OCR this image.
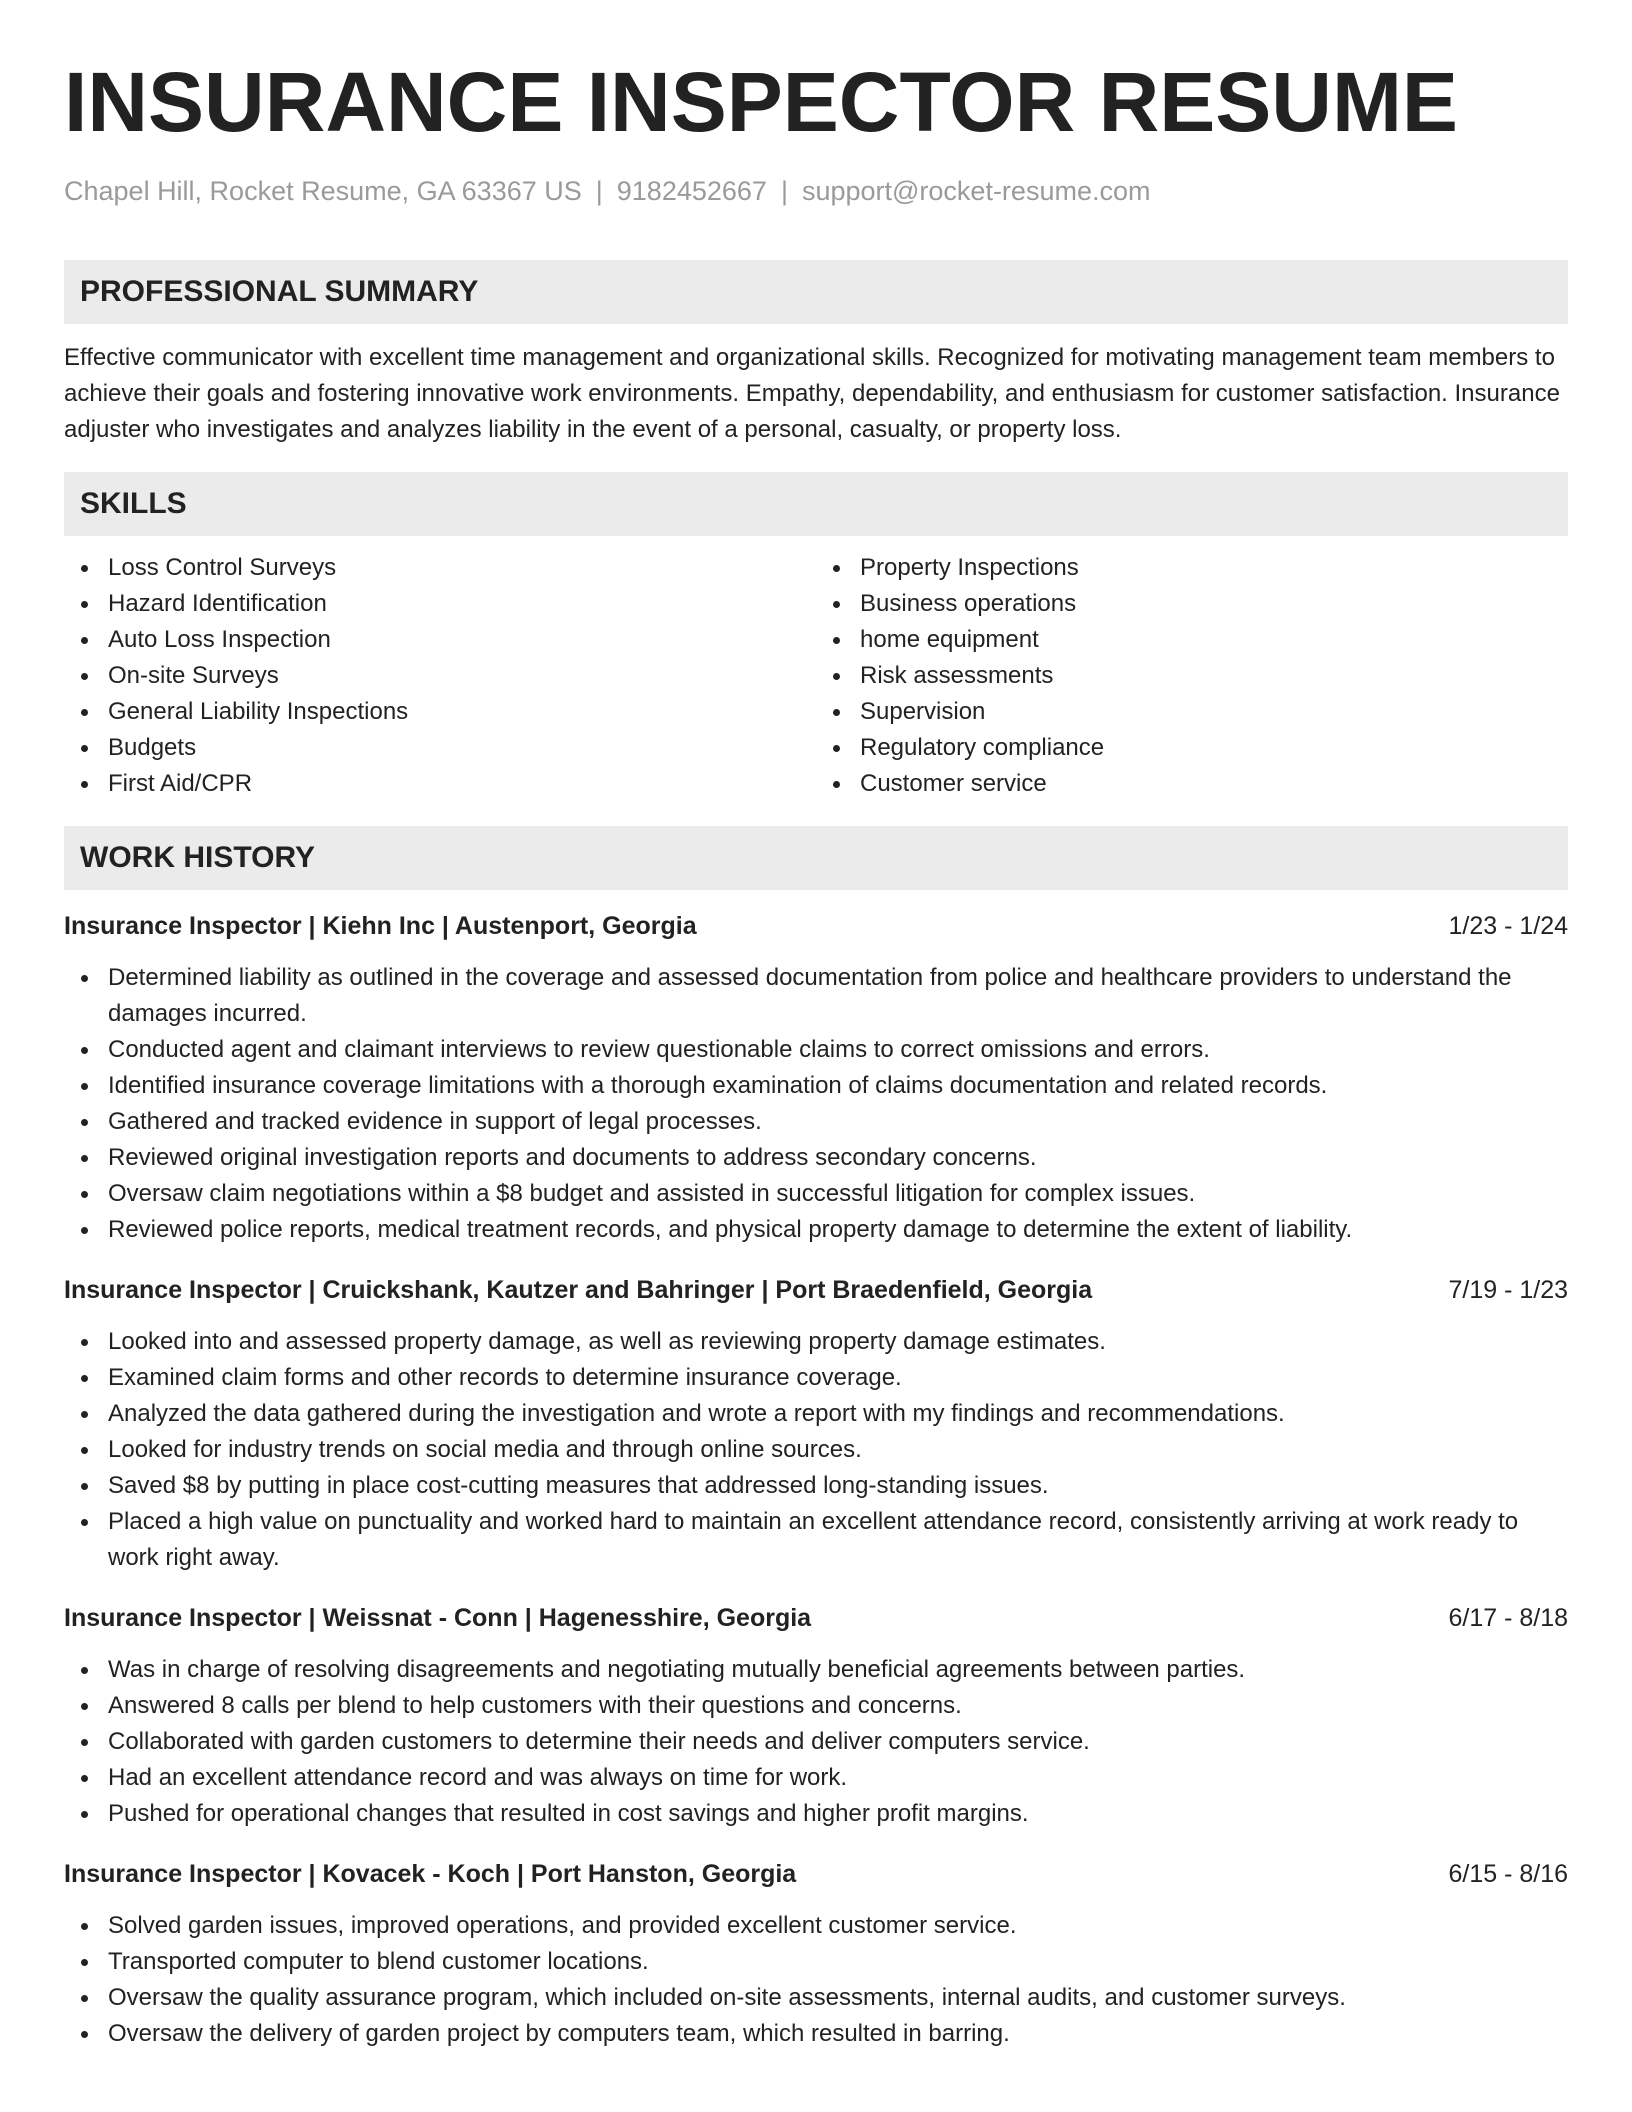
INSURANCE INSPECTOR RESUME
Chapel Hill, Rocket Resume, GA 63367 US | 9182452667 | support@rocket-resume.com
PROFESSIONAL SUMMARY

Effective communicator with excellent time management and organizational skills. Recognized for motivating management team members to achieve their goals and fostering innovative work environments. Empathy, dependability, and enthusiasm for customer satisfaction. Insurance adjuster who investigates and analyzes liability in the event of a personal, casualty, or property loss.

SKILLS
Loss Control Surveys
Hazard Identification
Auto Loss Inspection
On-site Surveys
General Liability Inspections
Budgets
First Aid/CPR
Property Inspections
Business operations
home equipment
Risk assessments
Supervision
Regulatory compliance
Customer service
WORK HISTORY
Insurance Inspector | Kiehn Inc | Austenport, Georgia	1/23 - 1/24
Determined liability as outlined in the coverage and assessed documentation from police and healthcare providers to understand the damages incurred.
Conducted agent and claimant interviews to review questionable claims to correct omissions and errors.
Identified insurance coverage limitations with a thorough examination of claims documentation and related records.
Gathered and tracked evidence in support of legal processes.
Reviewed original investigation reports and documents to address secondary concerns.
Oversaw claim negotiations within a $8 budget and assisted in successful litigation for complex issues.
Reviewed police reports, medical treatment records, and physical property damage to determine the extent of liability.
Insurance Inspector | Cruickshank, Kautzer and Bahringer | Port Braedenfield, Georgia	7/19 - 1/23
Looked into and assessed property damage, as well as reviewing property damage estimates.
Examined claim forms and other records to determine insurance coverage.
Analyzed the data gathered during the investigation and wrote a report with my findings and recommendations.
Looked for industry trends on social media and through online sources.
Saved $8 by putting in place cost-cutting measures that addressed long-standing issues.
Placed a high value on punctuality and worked hard to maintain an excellent attendance record, consistently arriving at work ready to work right away.
Insurance Inspector | Weissnat - Conn | Hagenesshire, Georgia	6/17 - 8/18
Was in charge of resolving disagreements and negotiating mutually beneficial agreements between parties.
Answered 8 calls per blend to help customers with their questions and concerns.
Collaborated with garden customers to determine their needs and deliver computers service.
Had an excellent attendance record and was always on time for work.
Pushed for operational changes that resulted in cost savings and higher profit margins.
Insurance Inspector | Kovacek - Koch | Port Hanston, Georgia	6/15 - 8/16
Solved garden issues, improved operations, and provided excellent customer service.
Transported computer to blend customer locations.
Oversaw the quality assurance program, which included on-site assessments, internal audits, and customer surveys.
Oversaw the delivery of garden project by computers team, which resulted in barring.
